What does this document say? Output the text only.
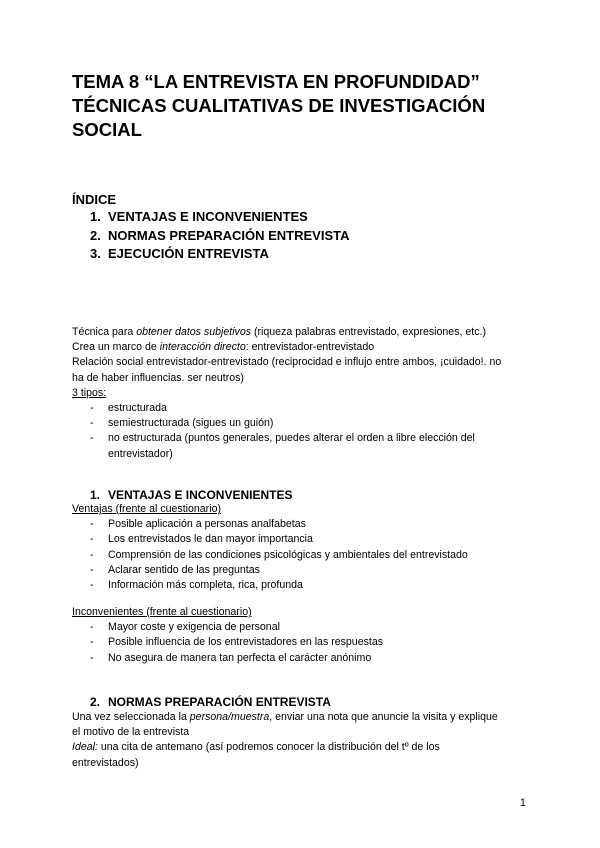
TEMA 8 “LA ENTREVISTA EN PROFUNDIDAD”
TÉCNICAS CUALITATIVAS DE INVESTIGACIÓN
SOCIAL
ÍNDICE
1. VENTAJAS E INCONVENIENTES
2. NORMAS PREPARACIÓN ENTREVISTA
3. EJECUCIÓN ENTREVISTA
Técnica para obtener datos subjetivos (riqueza palabras entrevistado, expresiones, etc.)
Crea un marco de interacción directo: entrevistador-entrevistado
Relación social entrevistador-entrevistado (reciprocidad e influjo entre ambos, ¡cuidado!. no
ha de haber influencias. ser neutros)
3 tipos:
-	estructurada
-	semiestructurada (sigues un guión)
-	no estructurada (puntos generales, puedes alterar el orden a libre elección del
entrevistador)
1. VENTAJAS E INCONVENIENTES
Ventajas (frente al cuestionario)
-	Posible aplicación a personas analfabetas
-	Los entrevistados le dan mayor importancia
-	Comprensión de las condiciones psicológicas y ambientales del entrevistado
-	Aclarar sentido de las preguntas
-	Información más completa, rica, profunda
Inconvenientes (frente al cuestionario)
-	Mayor coste y exigencia de personal
-	Posible influencia de los entrevistadores en las respuestas
-	No asegura de manera tan perfecta el carácter anónimo
2. NORMAS PREPARACIÓN ENTREVISTA
Una vez seleccionada la persona/muestra, enviar una nota que anuncie la visita y explique
el motivo de la entrevista
Ideal: una cita de antemano (así podremos conocer la distribución del tº de los
entrevistados)
1
